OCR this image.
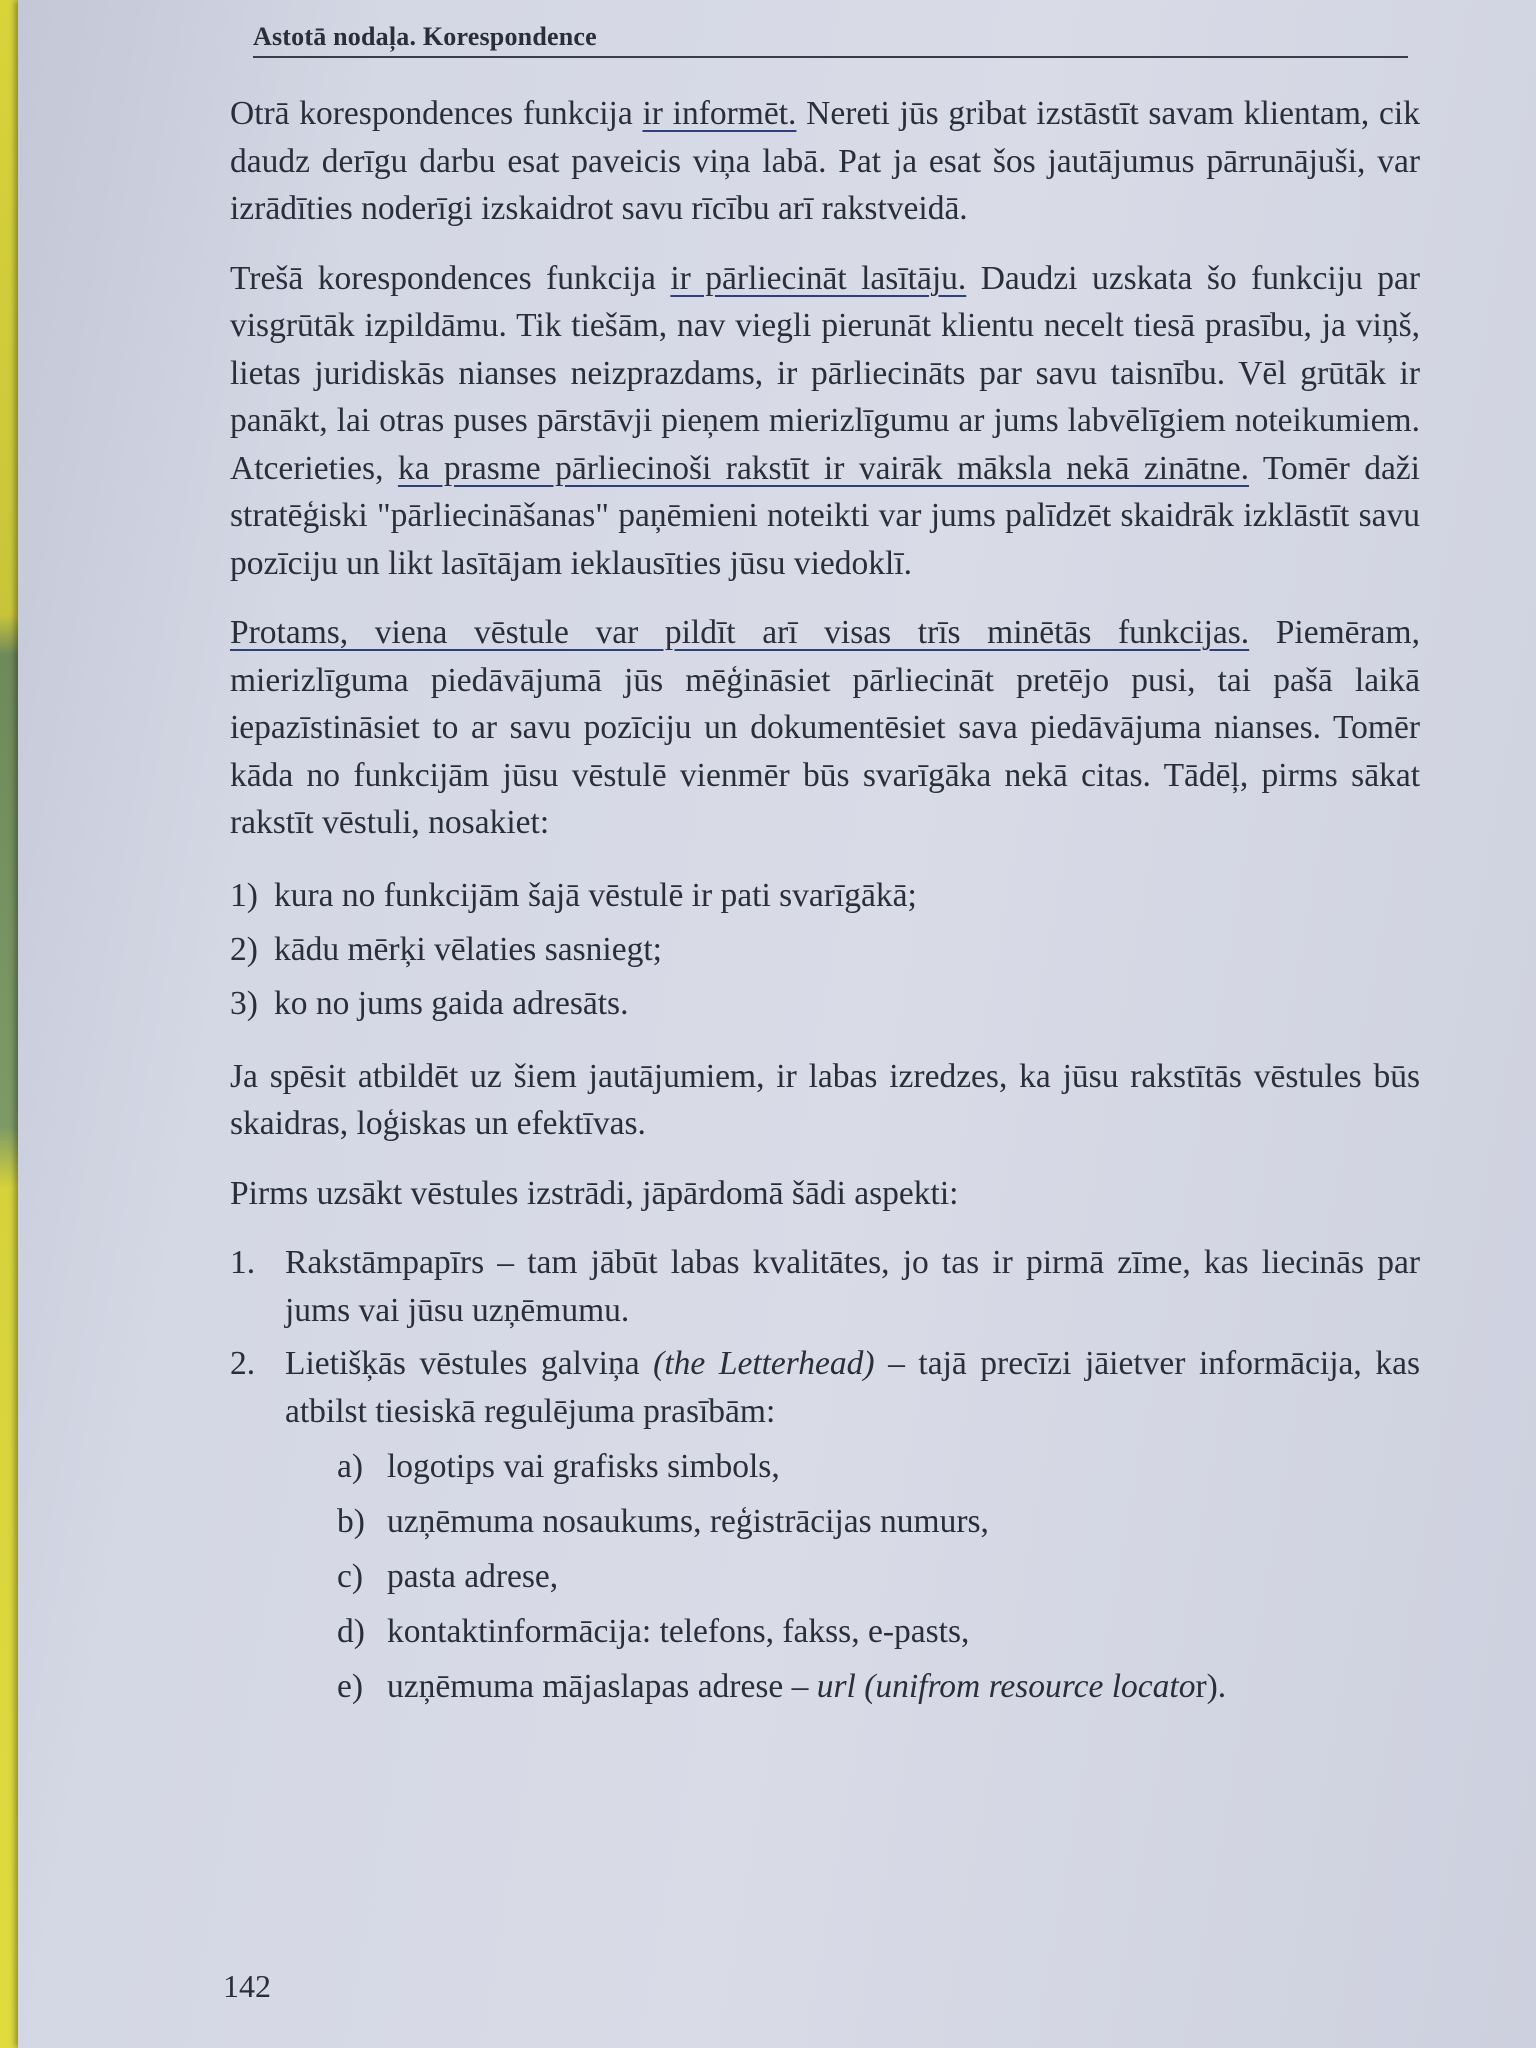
Astotā nodaļa. Korespondence

Otrā korespondences funkcija ir informēt. Nereti jūs gribat izstāstīt savam klientam, cik daudz derīgu darbu esat paveicis viņa labā. Pat ja esat šos jautājumus pārrunājuši, var izrādīties noderīgi izskaidrot savu rīcību arī rakstveidā.

Trešā korespondences funkcija ir pārliecināt lasītāju. Daudzi uzskata šo funkciju par visgrūtāk izpildāmu. Tik tiešām, nav viegli pierunāt klientu necelt tiesā prasību, ja viņš, lietas juridiskās nianses neizprazdams, ir pārliecināts par savu taisnību. Vēl grūtāk ir panākt, lai otras puses pārstāvji pieņem mierizlīgumu ar jums labvēlīgiem noteikumiem. Atcerieties, ka prasme pārliecinoši rakstīt ir vairāk māksla nekā zinātne. Tomēr daži stratēģiski "pārliecināšanas" paņēmieni noteikti var jums palīdzēt skaidrāk izklāstīt savu pozīciju un likt lasītājam ieklausīties jūsu viedoklī.

Protams, viena vēstule var pildīt arī visas trīs minētās funkcijas. Piemēram, mierizlīguma piedāvājumā jūs mēģināsiet pārliecināt pretējo pusi, tai pašā laikā iepazīstināsiet to ar savu pozīciju un dokumentēsiet sava piedāvājuma nianses. Tomēr kāda no funkcijām jūsu vēstulē vienmēr būs svarīgāka nekā citas. Tādēļ, pirms sākat rakstīt vēstuli, nosakiet:

1) kura no funkcijām šajā vēstulē ir pati svarīgākā;
2) kādu mērķi vēlaties sasniegt;
3) ko no jums gaida adresāts.

Ja spēsit atbildēt uz šiem jautājumiem, ir labas izredzes, ka jūsu rakstītās vēstules būs skaidras, loģiskas un efektīvas.

Pirms uzsākt vēstules izstrādi, jāpārdomā šādi aspekti:

1. Rakstāmpapīrs – tam jābūt labas kvalitātes, jo tas ir pirmā zīme, kas liecinās par jums vai jūsu uzņēmumu.
2. Lietišķās vēstules galviņa (the Letterhead) – tajā precīzi jāietver informācija, kas atbilst tiesiskā regulējuma prasībām:
a) logotips vai grafisks simbols,
b) uzņēmuma nosaukums, reģistrācijas numurs,
c) pasta adrese,
d) kontaktinformācija: telefons, fakss, e-pasts,
e) uzņēmuma mājaslapas adrese – url (unifrom resource locator).
142
